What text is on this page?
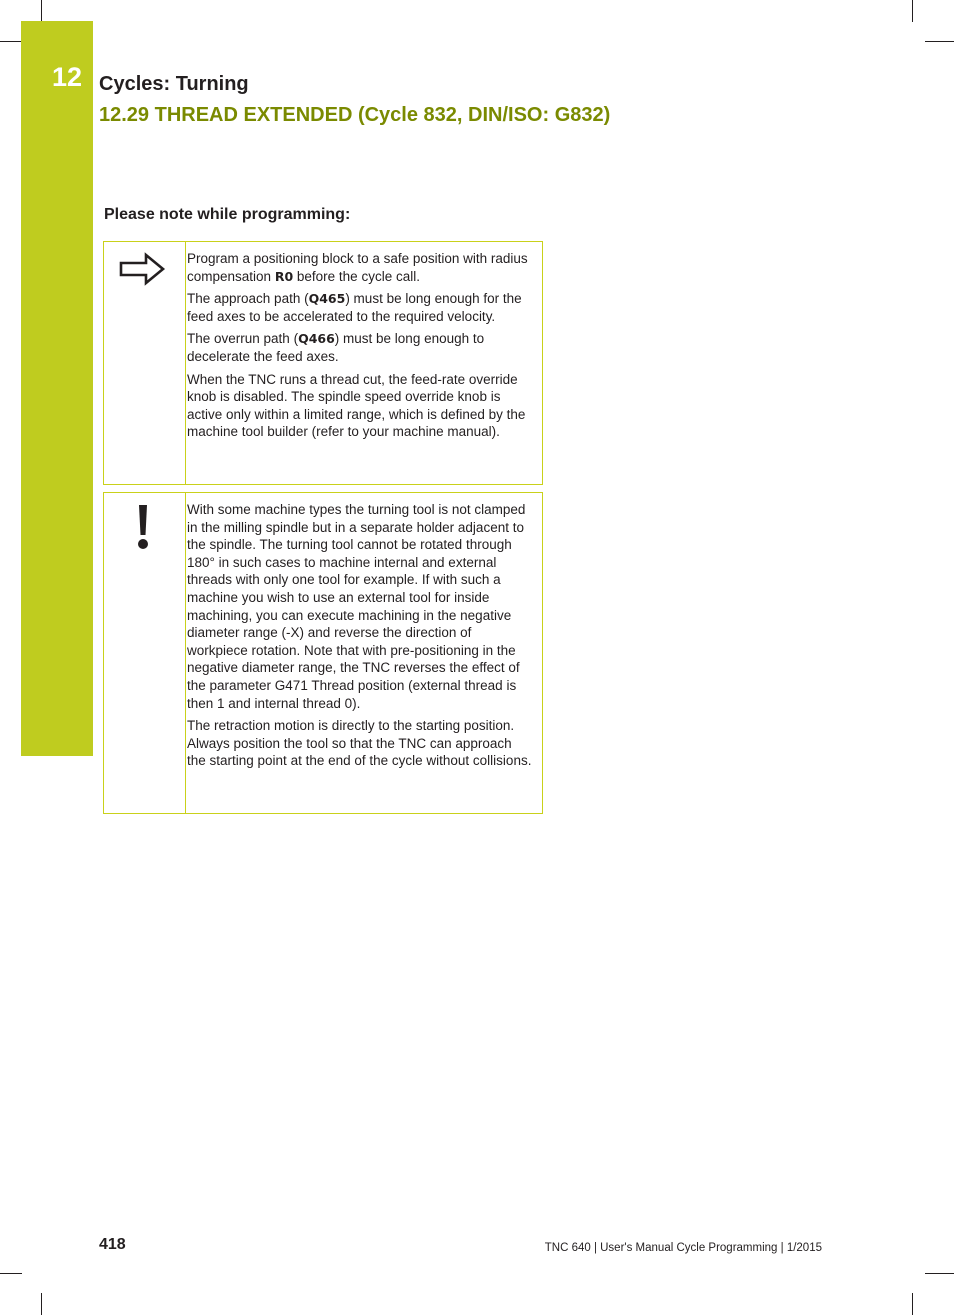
12 Cycles: Turning
12.29 THREAD EXTENDED (Cycle 832, DIN/ISO: G832)
Please note while programming:

Program a positioning block to a safe position with radius compensation R0 before the cycle call.

The approach path (Q465) must be long enough for the feed axes to be accelerated to the required velocity.

The overrun path (Q466) must be long enough to decelerate the feed axes.

When the TNC runs a thread cut, the feed-rate override knob is disabled. The spindle speed override knob is active only within a limited range, which is defined by the machine tool builder (refer to your machine manual).

With some machine types the turning tool is not clamped in the milling spindle but in a separate holder adjacent to the spindle. The turning tool cannot be rotated through 180° in such cases to machine internal and external threads with only one tool for example. If with such a machine you wish to use an external tool for inside machining, you can execute machining in the negative diameter range (-X) and reverse the direction of workpiece rotation. Note that with pre-positioning in the negative diameter range, the TNC reverses the effect of the parameter G471 Thread position (external thread is then 1 and internal thread 0).

The retraction motion is directly to the starting position. Always position the tool so that the TNC can approach the starting point at the end of the cycle without collisions.

418	TNC 640 | User's Manual Cycle Programming | 1/2015
